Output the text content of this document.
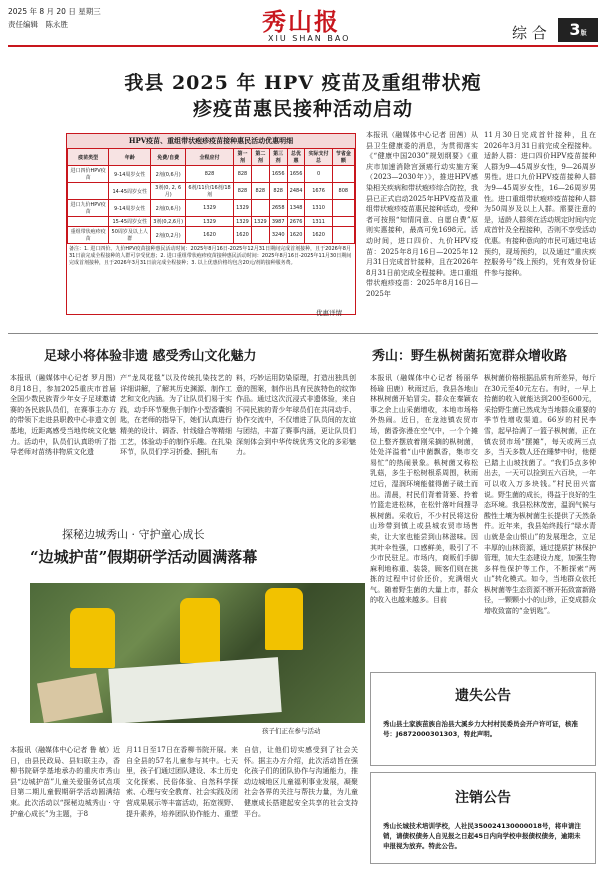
2025 年 8 月 20 日 星期三
责任编辑　陈永胜	秀山报
XIU SHAN BAO	综 合	3版
我县 2025 年 HPV 疫苗及重组带状疱
疹疫苗惠民接种活动启动
HPV疫苗、重组带状疱疹疫苗接种惠民活动优惠明细
疫苗类型	年龄	免费/自费	全程应付	第一剂	第二剂	第三剂	总优惠	实际支付总	节省金额
进口四价HPV疫苗	9-14周岁女性	2剂(0,6月)	828	828		1656	1656	0	
	14-45周岁女性	3剂(0, 2, 6月)	6剂/11价/16剂/18剂	828	828	828	2484	1676	808
进口九价HPV疫苗	9-14周岁女性	2剂(0,6月)	1329	1329		2658	1348	1310	
	15-45周岁女性	3剂(0,2,6月)	1329	1329	1329	3987	2676	1311	
重组带状疱疹疫苗	50周岁及以上人群	2剂(0,2月)	1620	1620		3240	1620	1620	
备注：1. 进口四价、九价HPV疫苗接种惠民活动时间：2025年8月16日-2025年12月31日期间完成首剂接种，且于2026年8月31日前完成全程接种的人群可享受优惠；2. 进口重组带状疱疹疫苗接种惠民活动时间：2025年8月16日-2025年11月30日期间完成首剂接种，且于2026年3月31日前完成全程接种；3. 以上优惠价格均包含20元/剂的接种服务费。
优惠详情
本报讯（融媒体中心记者 田茜）从县卫生健康委的消息，为贯彻落实《“健康中国2030”规划纲要》《重庆市加速消除宫颈癌行动实施方案（2023—2030年）》，推进HPV感染相关疾病和带状疱疹综合防控，我县已正式启动2025年HPV疫苗及重组带状疱疹疫苗惠民接种活动，受种者可按照“知情同意、自愿自费”原则实惠接种，最高可免1698元。活动时间，进口四价、九价HPV疫苗：2025年8月16日—2025年12月31日完成首针接种，且在2026年8月31日前完成全程接种。进口重组带状疱疹疫苗：2025年8月16日—2025年
11月30日完成首针接种，且在2026年3月31日前完成全程接种。适龄人群：进口四价HPV疫苗接种人群为9—45周岁女性，9—26周岁男性。进口九价HPV疫苗接种人群为9—45周岁女性，16—26周岁男性。进口重组带状疱疹疫苗接种人群为50周岁及以上人群。需要注意的是，适龄人群须在活动规定时间内完成首针及全程接种，否则不享受活动优惠。有接种意向的市民可通过电话预约，现场预约，以及通过“重庆疾控服务号”线上预约，凭有效身份证件参与接种。
足球小将体验非遗 感受秀山文化魅力
本报讯（融媒体中心记者 罗月图）8月18日，参加2025重庆市首届全国少数民族青少年女子足球邀请赛的各民族队员们，在赛事主办方的带领下走进县职教中心非遗文创基地，近距离感受当地传统文化魅力。活动中，队员们认真聆听了指导老师对苗绣非物质文化遗
产“龙凤花毯”以及传统扎染技艺的详细讲解，了解其历史渊源、制作工艺和文化内涵。为了让队员们易于实践，动手环节聚焦于制作小型香囊钥匙，在老师的指导下，她们认真进行精美的设计、调香、针线缝合等精细工艺，体验动手的制作乐趣。在扎染环节，队员们学习折叠、捆扎布
料，巧妙运用防染原理，打造出独具创意的图案，制作出具有民族特色的纹饰作品。通过这次沉浸式非遗体验，来自不同民族的青少年球员们在共同动手、协作交流中，不仅增进了队员间的友谊与团结，丰富了赛事内涵，更让队员们深刻体会到中华传统优秀文化的多彩魅力。
探秘边城秀山 · 守护童心成长
“边城护苗”假期研学活动圆满落幕
孩子们正在参与活动
本报讯（融媒体中心记者 鲁 敏）近日，由县民政局、县妇联主办，香柳书院研学基地承办的重庆市秀山县“边城护苗”儿童关爱服务试点项目第二期儿童假期研学活动圆满结束。此次活动以“探秘边城秀山 · 守护童心成长”为主题，于8
月11日至17日在香柳书院开展。来自全县的57名儿童参与其中。七天里，孩子们通过团队建设、本土历史文化探索、民俗体验、自然科学探索、心理与安全教育、社会实践及闭营成果展示等丰富活动，拓宽视野、提升素养，培养团队协作能力、重塑
自信，让他们切实感受到了社会关怀。据主办方介绍，此次活动旨在强化孩子们的团队协作与沟通能力，推动边城地区儿童福利事业发展，凝聚社会各界的关注与帮扶力量，为儿童健康成长搭建起安全共享的社会支持平台。
秀山：野生枞树菌拓宽群众增收路
本报讯（融媒体中心记者 杨丽华 杨瑜 田鹿）秋雨过后，我县各地山林枞树菌开始冒尖。群众在秦颖农事之余上山采菌增收，本地市场格外热闹。近日，在龙池镇农贸市场，菌香弥漫在空气中，一个个摊位上整齐摆放着刚采摘的枞树菌，处处洋溢着“山中菌飘香，集市交易忙”的热闹景象。枞树菌又称松乳菇，多生于松树根系周围，秋雨过后，湿润环境能催得菌子破土而出。清晨，村民们背着背篓、拎着竹篮走进松林，在松针落叶间搜寻枞树菌。采收后，不少村民将这份山珍带到镇上或县城农贸市场售卖，让大家也能尝到山林滋味。因其叶伞性强，口感鲜美，吸引了不少市民驻足。市场内，商贩们手脚麻利地称重、装袋，顾客们则在挑拣的过程中讨价还价，充满烟火气。随着野生菌的大量上市，群众的收入也越来越多。目前
枞树菌价格根据品质有所差异，每斤在30元至40元左右。有时，一早上拾菌的收入就能达到200至600元，采拾野生菌已然成为当地群众重要的季节性增收渠道。66岁的村民李雪，起早拾满了一篮子枞树菌，正在镇农贸市场“摆摊”，每天或两三点多，当天多数人还在睡梦中时，他便已踏上山坡找菌了。“我们5点多钟出去，一天可以捡到五六百块，一年可以收入万多块钱。”村民田兴富说。野生菌的成长，得益于良好的生态环境。我县松林茂密，温润气候与酸性土壤为枞树菌生长提供了天然条件。近年来，我县始终践行“绿水青山就是金山银山”的发展理念，立足丰厚的山林资源，通过提质扩林保护管理，加大生态建设力度，加强生物多样性保护等工作，不断探索“两山”转化模式。如今，当地群众依托枞树菌等生态资源不断开拓致富新路径，一颗颗小小的山珍，正变成群众增收致富的“金钥匙”。
遗失公告
秀山县土家族苗族自治县大溪乡力大村村民委员会开户许可证，核准号：J6872000301303，特此声明。
注销公告
秀山长城技术培训学校，人社民350024130000018号，将申请注销，请债权债务人自见报之日起45日内向学校申报债权债务，逾期未申报视为放弃。特此公告。
